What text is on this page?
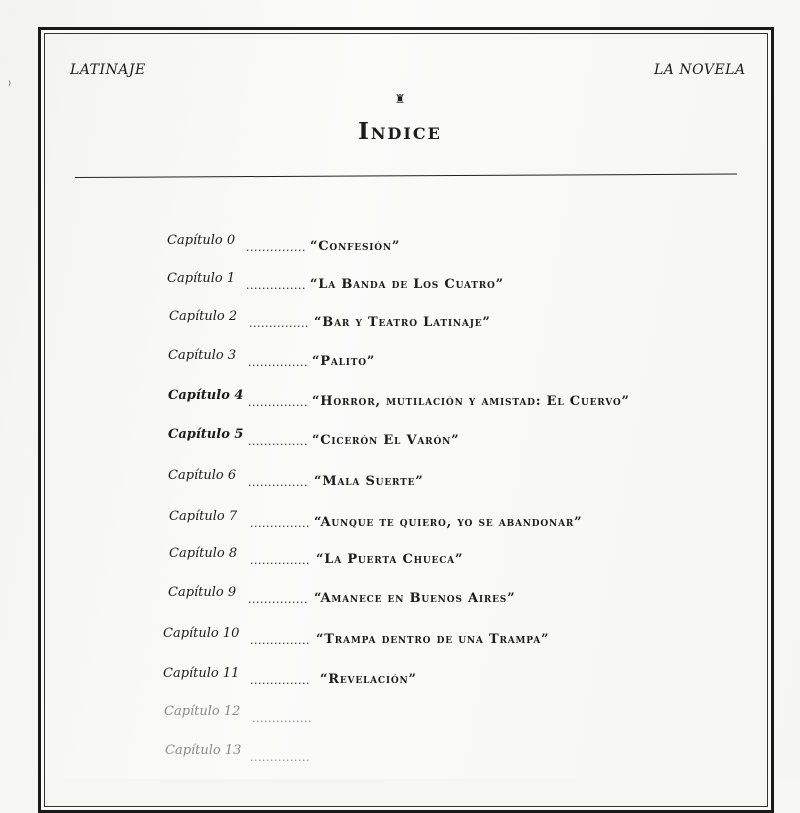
⁾
LATINAJE	LA NOVELA
♜
Indice
Capítulo 0 ............... “Confesión”
Capítulo 1 ............... “La Banda de Los Cuatro”
Capítulo 2 ............... “Bar y Teatro Latinaje”
Capítulo 3 ............... “Palito”
Capítulo 4 ............... “Horror, mutilación y amistad: El Cuervo”
Capítulo 5 ............... “Cicerón El Varón”
Capítulo 6 ............... “Mala Suerte”
Capítulo 7 ............... “Aunque te quiero, yo se abandonar”
Capítulo 8 ............... “La Puerta Chueca”
Capítulo 9 ............... “Amanece en Buenos Aires”
Capítulo 10 ............... “Trampa dentro de una Trampa”
Capítulo 11 ............... “Revelación”
Capítulo 12 ...............
Capítulo 13 ...............
